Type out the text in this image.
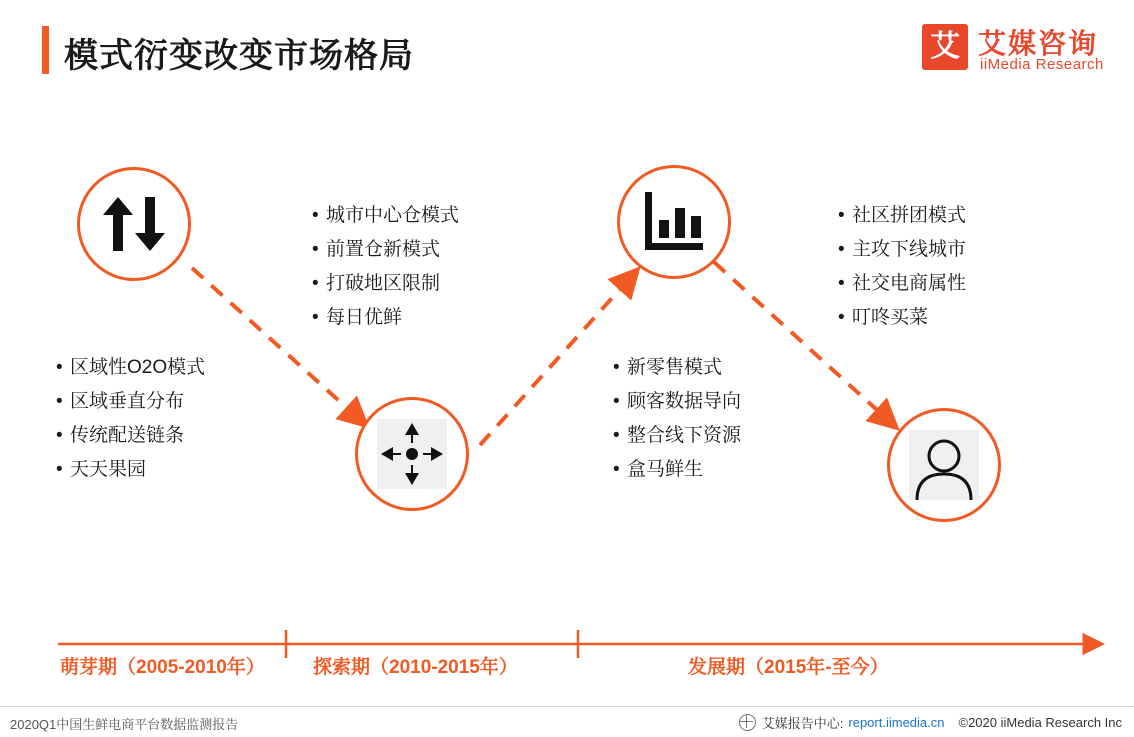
模式衍变改变市场格局	艾 艾媒咨询
iiMedia Research
• 区域性O2O模式
• 区域垂直分布
• 传统配送链条
• 天天果园
• 城市中心仓模式
• 前置仓新模式
• 打破地区限制
• 每日优鲜
• 新零售模式
• 顾客数据导向
• 整合线下资源
• 盒马鲜生
• 社区拼团模式
• 主攻下线城市
• 社交电商属性
• 叮咚买菜
萌芽期（2005-2010年）	探索期（2010-2015年）	发展期（2015年-至今）
2020Q1中国生鲜电商平台数据监测报告	艾媒报告中心: report.iimedia.cn ©2020 iiMedia Research Inc
